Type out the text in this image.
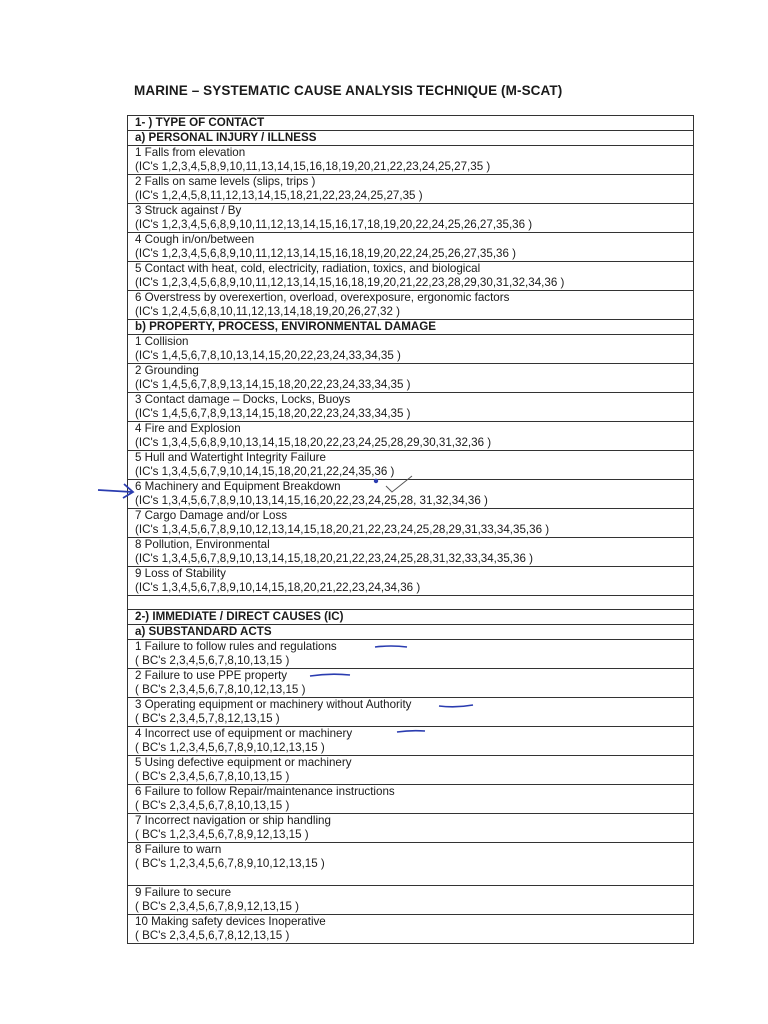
MARINE – SYSTEMATIC CAUSE ANALYSIS TECHNIQUE (M-SCAT)
1- ) TYPE OF CONTACT
a) PERSONAL INJURY / ILLNESS
1 Falls from elevation
(IC's 1,2,3,4,5,8,9,10,11,13,14,15,16,18,19,20,21,22,23,24,25,27,35 )
2 Falls on same levels (slips, trips )
(IC's 1,2,4,5,8,11,12,13,14,15,18,21,22,23,24,25,27,35 )
3 Struck against / By
(IC's 1,2,3,4,5,6,8,9,10,11,12,13,14,15,16,17,18,19,20,22,24,25,26,27,35,36 )
4 Cough in/on/between
(IC's 1,2,3,4,5,6,8,9,10,11,12,13,14,15,16,18,19,20,22,24,25,26,27,35,36 )
5 Contact with heat, cold, electricity, radiation, toxics, and biological
(IC's 1,2,3,4,5,6,8,9,10,11,12,13,14,15,16,18,19,20,21,22,23,28,29,30,31,32,34,36 )
6 Overstress by overexertion, overload, overexposure, ergonomic factors
(IC's 1,2,4,5,6,8,10,11,12,13,14,18,19,20,26,27,32 )
b) PROPERTY, PROCESS, ENVIRONMENTAL DAMAGE
1 Collision
(IC's 1,4,5,6,7,8,10,13,14,15,20,22,23,24,33,34,35 )
2 Grounding
(IC's 1,4,5,6,7,8,9,13,14,15,18,20,22,23,24,33,34,35 )
3 Contact damage – Docks, Locks, Buoys
(IC's 1,4,5,6,7,8,9,13,14,15,18,20,22,23,24,33,34,35 )
4 Fire and Explosion
(IC's 1,3,4,5,6,8,9,10,13,14,15,18,20,22,23,24,25,28,29,30,31,32,36 )
5 Hull and Watertight Integrity Failure
(IC's 1,3,4,5,6,7,9,10,14,15,18,20,21,22,24,35,36 )
6 Machinery and Equipment Breakdown
(IC's 1,3,4,5,6,7,8,9,10,13,14,15,16,20,22,23,24,25,28, 31,32,34,36 )
7 Cargo Damage and/or Loss
(IC's 1,3,4,5,6,7,8,9,10,12,13,14,15,18,20,21,22,23,24,25,28,29,31,33,34,35,36 )
8 Pollution, Environmental
(IC's 1,3,4,5,6,7,8,9,10,13,14,15,18,20,21,22,23,24,25,28,31,32,33,34,35,36 )
9 Loss of Stability
(IC's 1,3,4,5,6,7,8,9,10,14,15,18,20,21,22,23,24,34,36 )
2-) IMMEDIATE / DIRECT CAUSES (IC)
a) SUBSTANDARD ACTS
1 Failure to follow rules and regulations
( BC's 2,3,4,5,6,7,8,10,13,15 )
2 Failure to use PPE property
( BC's 2,3,4,5,6,7,8,10,12,13,15 )
3 Operating equipment or machinery without Authority
( BC's 2,3,4,5,7,8,12,13,15 )
4 Incorrect use of equipment or machinery
( BC's 1,2,3,4,5,6,7,8,9,10,12,13,15 )
5 Using defective equipment or machinery
( BC's 2,3,4,5,6,7,8,10,13,15 )
6 Failure to follow Repair/maintenance instructions
( BC's 2,3,4,5,6,7,8,10,13,15 )
7 Incorrect navigation or ship handling
( BC's 1,2,3,4,5,6,7,8,9,12,13,15 )
8 Failure to warn
( BC's 1,2,3,4,5,6,7,8,9,10,12,13,15 )
9 Failure to secure
( BC's 2,3,4,5,6,7,8,9,12,13,15 )
10 Making safety devices Inoperative
( BC's 2,3,4,5,6,7,8,12,13,15 )
